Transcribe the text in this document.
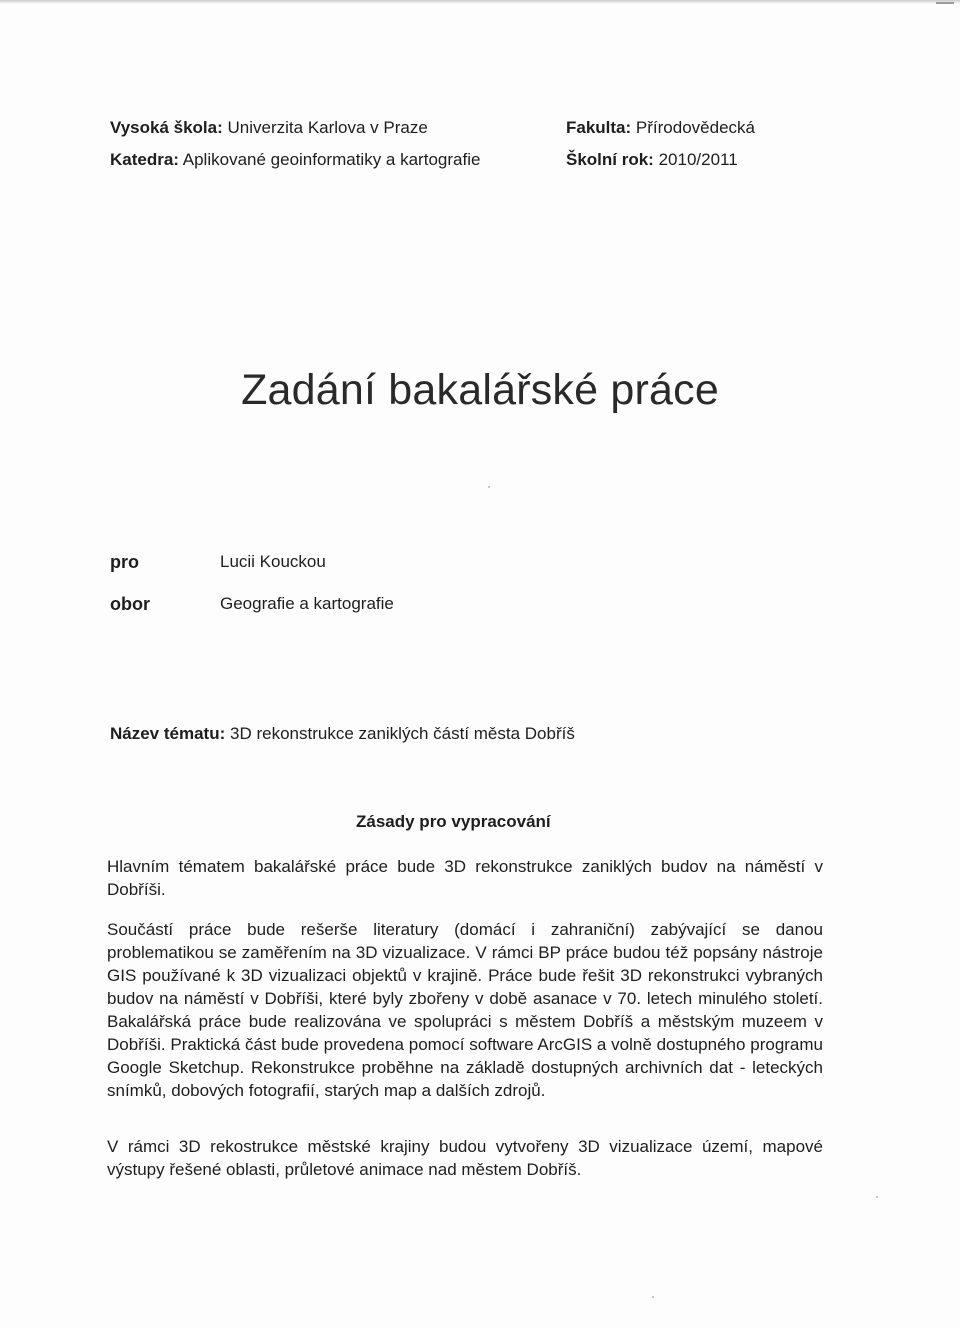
Vysoká škola: Univerzita Karlova v Praze	Fakulta: Přírodovědecká
Katedra: Aplikované geoinformatiky a kartografie	Školní rok: 2010/2011
Zadání bakalářské práce
pro	Lucii Kouckou
obor	Geografie a kartografie
Název tématu: 3D rekonstrukce zaniklých částí města Dobříš
Zásady pro vypracování

Hlavním tématem bakalářské práce bude 3D rekonstrukce zaniklých budov na náměstí v Dobříši.

Součástí práce bude rešerše literatury (domácí i zahraniční) zabývající se danou problematikou se zaměřením na 3D vizualizace. V rámci BP práce budou též popsány nástroje GIS používané k 3D vizualizaci objektů v krajině. Práce bude řešit 3D rekonstrukci vybraných budov na náměstí v Dobříši, které byly zbořeny v době asanace v 70. letech minulého století. Bakalářská práce bude realizována ve spolupráci s městem Dobříš a městským muzeem v Dobříši. Praktická část bude provedena pomocí software ArcGIS a volně dostupného programu Google Sketchup. Rekonstrukce proběhne na základě dostupných archivních dat - leteckých snímků, dobových fotografií, starých map a dalších zdrojů.

V rámci 3D rekostrukce městské krajiny budou vytvořeny 3D vizualizace území, mapové výstupy řešené oblasti, průletové animace nad městem Dobříš.
